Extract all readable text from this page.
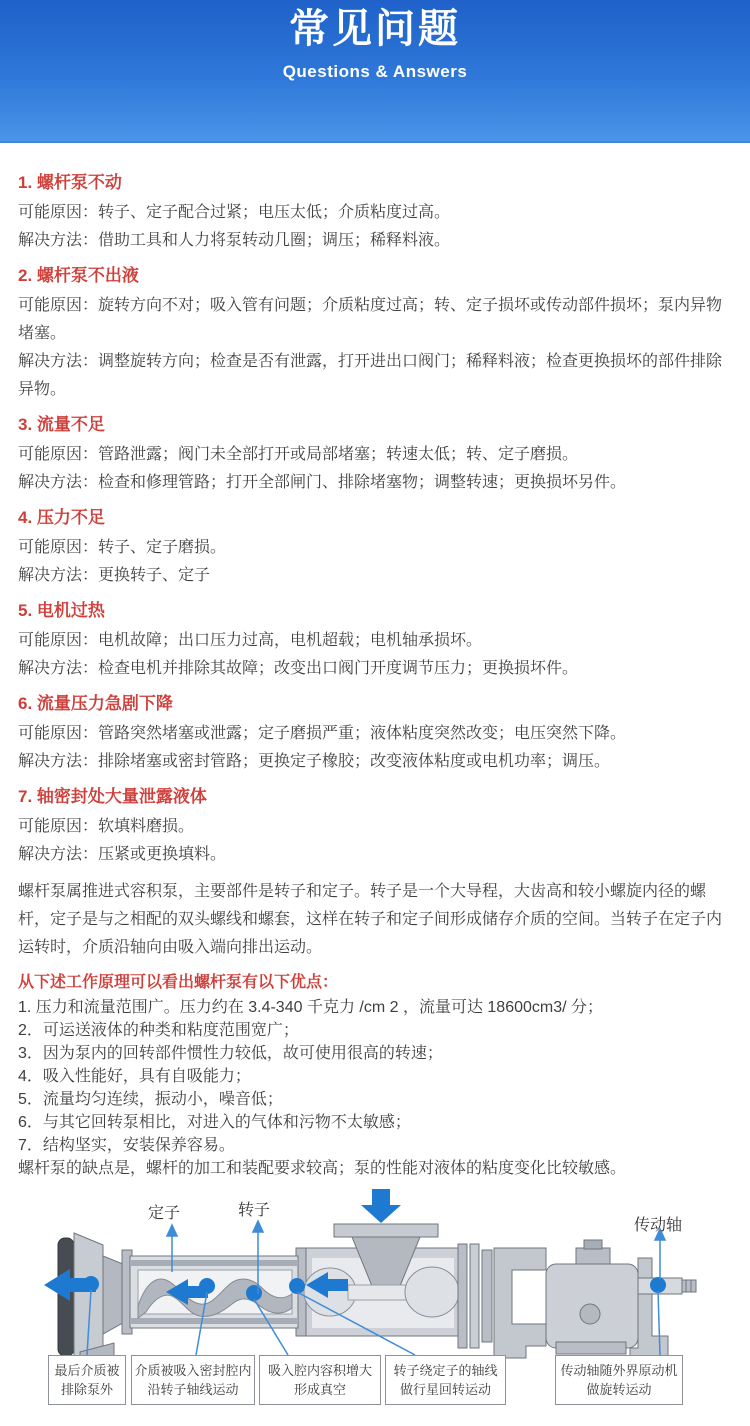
常见问题
Questions & Answers
1. 螺杆泵不动

可能原因：转子、定子配合过紧；电压太低；介质粘度过高。

解决方法：借助工具和人力将泵转动几圈；调压；稀释料液。

2. 螺杆泵不出液

可能原因：旋转方向不对；吸入管有问题；介质粘度过高；转、定子损坏或传动部件损坏；泵内异物堵塞。

解决方法：调整旋转方向；检查是否有泄露，打开进出口阀门；稀释料液；检查更换损坏的部件排除异物。

3. 流量不足

可能原因：管路泄露；阀门未全部打开或局部堵塞；转速太低；转、定子磨损。

解决方法：检查和修理管路；打开全部闸门、排除堵塞物；调整转速；更换损坏另件。

4. 压力不足

可能原因：转子、定子磨损。

解决方法：更换转子、定子

5. 电机过热

可能原因：电机故障；出口压力过高，电机超载；电机轴承损坏。

解决方法：检查电机并排除其故障；改变出口阀门开度调节压力；更换损坏件。

6. 流量压力急剧下降

可能原因：管路突然堵塞或泄露；定子磨损严重；液体粘度突然改变；电压突然下降。

解决方法：排除堵塞或密封管路；更换定子橡胶；改变液体粘度或电机功率；调压。

7. 轴密封处大量泄露液体

可能原因：软填料磨损。

解决方法：压紧或更换填料。

螺杆泵属推进式容积泵，主要部件是转子和定子。转子是一个大导程，大齿高和较小螺旋内径的螺杆，定子是与之相配的双头螺线和螺套，这样在转子和定子间形成储存介质的空间。当转子在定子内运转时，介质沿轴向由吸入端向排出运动。

从下述工作原理可以看出螺杆泵有以下优点：

1. 压力和流量范围广。压力约在 3.4-340 千克力 /cm 2 ，流量可达 18600cm3/ 分；

2．可运送液体的种类和粘度范围宽广；

3．因为泵内的回转部件惯性力较低，故可使用很高的转速；

4．吸入性能好，具有自吸能力；

5．流量均匀连续，振动小，噪音低；

6．与其它回转泵相比，对进入的气体和污物不太敏感；

7．结构坚实，安装保养容易。

螺杆泵的缺点是，螺杆的加工和装配要求较高；泵的性能对液体的粘度变化比较敏感。

定子	转子
传动轴
最后介质被
排除泵外
介质被吸入密封腔内
沿转子轴线运动
吸入腔内容积增大
形成真空
转子绕定子的轴线
做行星回转运动
传动轴随外界原动机
做旋转运动
